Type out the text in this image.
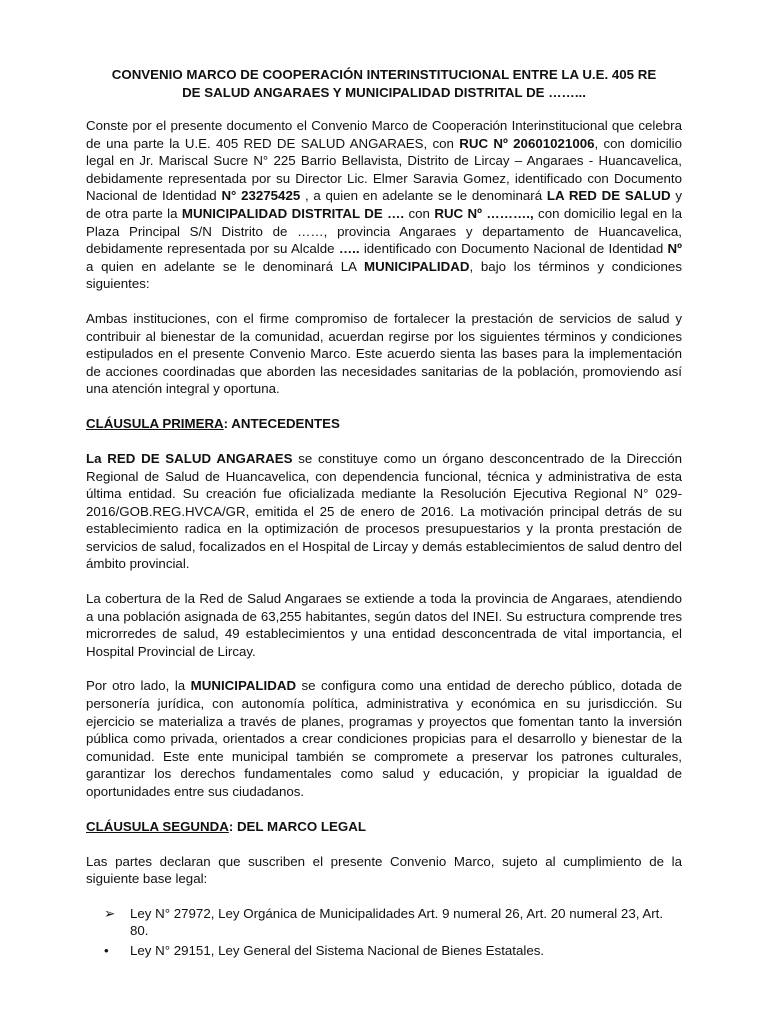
CONVENIO MARCO DE COOPERACIÓN INTERINSTITUCIONAL ENTRE LA U.E. 405 RE
DE SALUD ANGARAES Y MUNICIPALIDAD DISTRITAL DE ……...

Conste por el presente documento el Convenio Marco de Cooperación Interinstitucional que celebra de una parte la U.E. 405 RED DE SALUD ANGARAES, con RUC Nº 20601021006, con domicilio legal en Jr. Mariscal Sucre N° 225 Barrio Bellavista, Distrito de Lircay – Angaraes - Huancavelica, debidamente representada por su Director Lic. Elmer Saravia Gomez, identificado con Documento Nacional de Identidad N° 23275425 , a quien en adelante se le denominará LA RED DE SALUD y de otra parte la MUNICIPALIDAD DISTRITAL DE …. con RUC Nº ………., con domicilio legal en la Plaza Principal S/N Distrito de ……, provincia Angaraes y departamento de Huancavelica, debidamente representada por su Alcalde ….. identificado con Documento Nacional de Identidad Nº    a quien en adelante se le denominará LA MUNICIPALIDAD, bajo los términos y condiciones siguientes:

Ambas instituciones, con el firme compromiso de fortalecer la prestación de servicios de salud y contribuir al bienestar de la comunidad, acuerdan regirse por los siguientes términos y condiciones estipulados en el presente Convenio Marco. Este acuerdo sienta las bases para la implementación de acciones coordinadas que aborden las necesidades sanitarias de la población, promoviendo así una atención integral y oportuna.

CLÁUSULA PRIMERA: ANTECEDENTES

La RED DE SALUD ANGARAES se constituye como un órgano desconcentrado de la Dirección Regional de Salud de Huancavelica, con dependencia funcional, técnica y administrativa de esta última entidad. Su creación fue oficializada mediante la Resolución Ejecutiva Regional N° 029-2016/GOB.REG.HVCA/GR, emitida el 25 de enero de 2016. La motivación principal detrás de su establecimiento radica en la optimización de procesos presupuestarios y la pronta prestación de servicios de salud, focalizados en el Hospital de Lircay y demás establecimientos de salud dentro del ámbito provincial.

La cobertura de la Red de Salud Angaraes se extiende a toda la provincia de Angaraes, atendiendo a una población asignada de 63,255 habitantes, según datos del INEI. Su estructura comprende tres microrredes de salud, 49 establecimientos y una entidad desconcentrada de vital importancia, el Hospital Provincial de Lircay.

Por otro lado, la MUNICIPALIDAD se configura como una entidad de derecho público, dotada de personería jurídica, con autonomía política, administrativa y económica en su jurisdicción. Su ejercicio se materializa a través de planes, programas y proyectos que fomentan tanto la inversión pública como privada, orientados a crear condiciones propicias para el desarrollo y bienestar de la comunidad. Este ente municipal también se compromete a preservar los patrones culturales, garantizar los derechos fundamentales como salud y educación, y propiciar la igualdad de oportunidades entre sus ciudadanos.

CLÁUSULA SEGUNDA: DEL MARCO LEGAL

Las partes declaran que suscriben el presente Convenio Marco, sujeto al cumplimiento de la siguiente base legal:

➢	Ley N° 27972, Ley Orgánica de Municipalidades Art. 9 numeral 26, Art. 20 numeral 23, Art. 80.
•	Ley N° 29151, Ley General del Sistema Nacional de Bienes Estatales.
